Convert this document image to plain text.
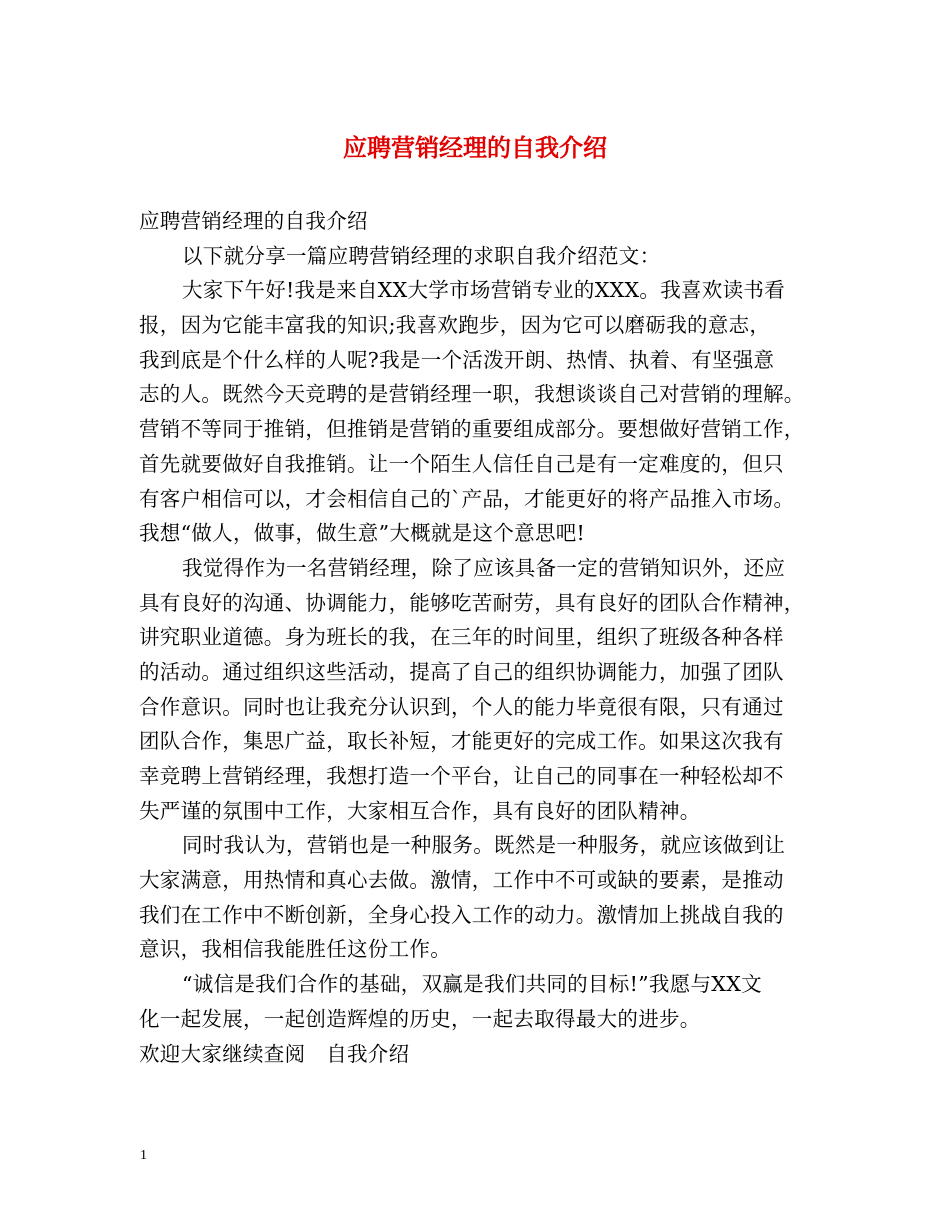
应聘营销经理的自我介绍
应聘营销经理的自我介绍
以下就分享一篇应聘营销经理的求职自我介绍范文：
大家下午好!我是来自XX大学市场营销专业的XXX。我喜欢读书看
报，因为它能丰富我的知识;我喜欢跑步，因为它可以磨砺我的意志，
我到底是个什么样的人呢?我是一个活泼开朗、热情、执着、有坚强意
志的人。既然今天竞聘的是营销经理一职，我想谈谈自己对营销的理解。
营销不等同于推销，但推销是营销的重要组成部分。要想做好营销工作，
首先就要做好自我推销。让一个陌生人信任自己是有一定难度的，但只
有客户相信可以，才会相信自己的`产品，才能更好的将产品推入市场。
我想“做人，做事，做生意”大概就是这个意思吧!
我觉得作为一名营销经理，除了应该具备一定的营销知识外，还应
具有良好的沟通、协调能力，能够吃苦耐劳，具有良好的团队合作精神，
讲究职业道德。身为班长的我，在三年的时间里，组织了班级各种各样
的活动。通过组织这些活动，提高了自己的组织协调能力，加强了团队
合作意识。同时也让我充分认识到，个人的能力毕竟很有限，只有通过
团队合作，集思广益，取长补短，才能更好的完成工作。如果这次我有
幸竞聘上营销经理，我想打造一个平台，让自己的同事在一种轻松却不
失严谨的氛围中工作，大家相互合作，具有良好的团队精神。
同时我认为，营销也是一种服务。既然是一种服务，就应该做到让
大家满意，用热情和真心去做。激情，工作中不可或缺的要素，是推动
我们在工作中不断创新，全身心投入工作的动力。激情加上挑战自我的
意识，我相信我能胜任这份工作。
“诚信是我们合作的基础，双赢是我们共同的目标!”我愿与XX文
化一起发展，一起创造辉煌的历史，一起去取得最大的进步。
欢迎大家继续查阅　自我介绍
1
